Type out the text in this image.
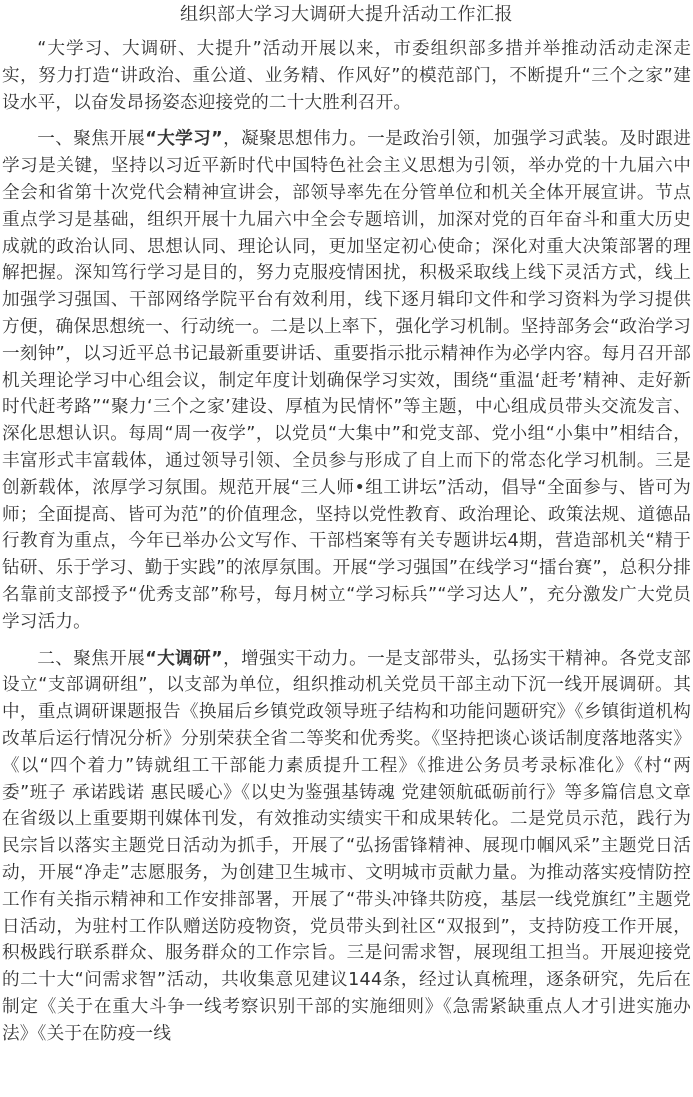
组织部大学习大调研大提升活动工作汇报

“大学习、大调研、大提升”活动开展以来，市委组织部多措并举推动活动走深走实，努力打造“讲政治、重公道、业务精、作风好”的模范部门，不断提升“三个之家”建设水平，以奋发昂扬姿态迎接党的二十大胜利召开。

一、聚焦开展“大学习”，凝聚思想伟力。一是政治引领，加强学习武装。及时跟进学习是关键，坚持以习近平新时代中国特色社会主义思想为引领，举办党的十九届六中全会和省第十次党代会精神宣讲会，部领导率先在分管单位和机关全体开展宣讲。节点重点学习是基础，组织开展十九届六中全会专题培训，加深对党的百年奋斗和重大历史成就的政治认同、思想认同、理论认同，更加坚定初心使命；深化对重大决策部署的理解把握。深知笃行学习是目的，努力克服疫情困扰，积极采取线上线下灵活方式，线上加强学习强国、干部网络学院平台有效利用，线下逐月辑印文件和学习资料为学习提供方便，确保思想统一、行动统一。二是以上率下，强化学习机制。坚持部务会“政治学习一刻钟”，以习近平总书记最新重要讲话、重要指示批示精神作为必学内容。每月召开部机关理论学习中心组会议，制定年度计划确保学习实效，围绕“重温‘赶考’精神、走好新时代赶考路”“聚力‘三个之家’建设、厚植为民情怀”等主题，中心组成员带头交流发言、深化思想认识。每周“周一夜学”，以党员“大集中”和党支部、党小组“小集中”相结合，丰富形式丰富载体，通过领导引领、全员参与形成了自上而下的常态化学习机制。三是创新载体，浓厚学习氛围。规范开展“三人师•组工讲坛”活动，倡导“全面参与、皆可为师；全面提高、皆可为范”的价值理念，坚持以党性教育、政治理论、政策法规、道德品行教育为重点，今年已举办公文写作、干部档案等有关专题讲坛4期，营造部机关“精于钻研、乐于学习、勤于实践”的浓厚氛围。开展“学习强国”在线学习“擂台赛”，总积分排名靠前支部授予“优秀支部”称号，每月树立“学习标兵”“学习达人”，充分激发广大党员学习活力。

二、聚焦开展“大调研”，增强实干动力。一是支部带头，弘扬实干精神。各党支部设立“支部调研组”，以支部为单位，组织推动机关党员干部主动下沉一线开展调研。其中，重点调研课题报告《换届后乡镇党政领导班子结构和功能问题研究》《乡镇街道机构改革后运行情况分析》分别荣获全省二等奖和优秀奖。《坚持把谈心谈话制度落地落实》《以“四个着力”铸就组工干部能力素质提升工程》《推进公务员考录标准化》《村“两委”班子 承诺践诺 惠民暖心》《以史为鉴强基铸魂 党建领航砥砺前行》等多篇信息文章在省级以上重要期刊媒体刊发，有效推动实绩实干和成果转化。二是党员示范，践行为民宗旨以落实主题党日活动为抓手，开展了“弘扬雷锋精神、展现巾帼风采”主题党日活动，开展“净走”志愿服务，为创建卫生城市、文明城市贡献力量。为推动落实疫情防控工作有关指示精神和工作安排部署，开展了“带头冲锋共防疫，基层一线党旗红”主题党日活动，为驻村工作队赠送防疫物资，党员带头到社区“双报到”，支持防疫工作开展，积极践行联系群众、服务群众的工作宗旨。三是问需求智，展现组工担当。开展迎接党的二十大“问需求智”活动，共收集意见建议144条，经过认真梳理，逐条研究，先后在制定《关于在重大斗争一线考察识别干部的实施细则》《急需紧缺重点人才引进实施办法》《关于在防疫一线
